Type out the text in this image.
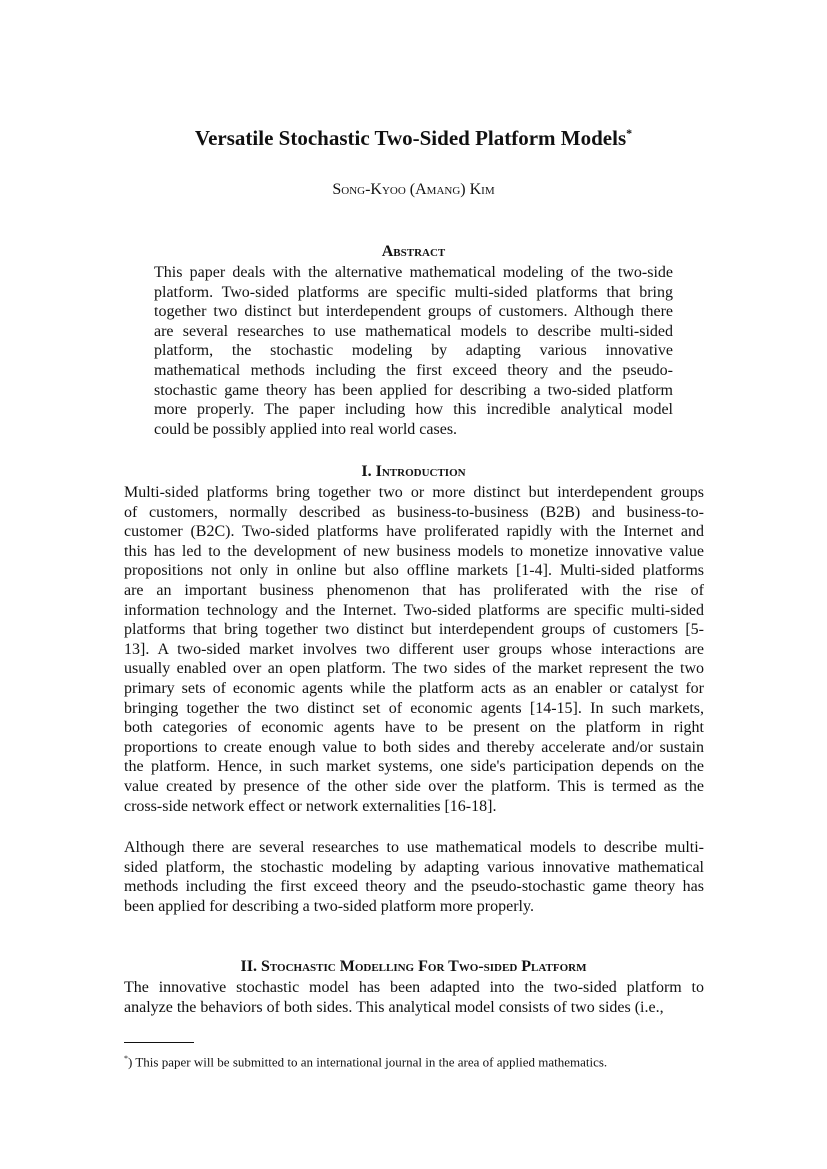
Versatile Stochastic Two-Sided Platform Models*
Song-Kyoo (Amang) Kim
Abstract
This paper deals with the alternative mathematical modeling of the two-side
platform. Two-sided platforms are specific multi-sided platforms that bring
together two distinct but interdependent groups of customers. Although there
are several researches to use mathematical models to describe multi-sided
platform, the stochastic modeling by adapting various innovative
mathematical methods including the first exceed theory and the pseudo-
stochastic game theory has been applied for describing a two-sided platform
more properly. The paper including how this incredible analytical model
could be possibly applied into real world cases.
I. Introduction
Multi-sided platforms bring together two or more distinct but interdependent groups
of customers, normally described as business-to-business (B2B) and business-to-
customer (B2C). Two-sided platforms have proliferated rapidly with the Internet and
this has led to the development of new business models to monetize innovative value
propositions not only in online but also offline markets [1-4]. Multi-sided platforms
are an important business phenomenon that has proliferated with the rise of
information technology and the Internet. Two-sided platforms are specific multi-sided
platforms that bring together two distinct but interdependent groups of customers [5-
13]. A two-sided market involves two different user groups whose interactions are
usually enabled over an open platform. The two sides of the market represent the two
primary sets of economic agents while the platform acts as an enabler or catalyst for
bringing together the two distinct set of economic agents [14-15]. In such markets,
both categories of economic agents have to be present on the platform in right
proportions to create enough value to both sides and thereby accelerate and/or sustain
the platform. Hence, in such market systems, one side's participation depends on the
value created by presence of the other side over the platform. This is termed as the
cross-side network effect or network externalities [16-18].
Although there are several researches to use mathematical models to describe multi-
sided platform, the stochastic modeling by adapting various innovative mathematical
methods including the first exceed theory and the pseudo-stochastic game theory has
been applied for describing a two-sided platform more properly.
II. Stochastic Modelling For Two-sided Platform
The innovative stochastic model has been adapted into the two-sided platform to
analyze the behaviors of both sides. This analytical model consists of two sides (i.e.,
*) This paper will be submitted to an international journal in the area of applied mathematics.
